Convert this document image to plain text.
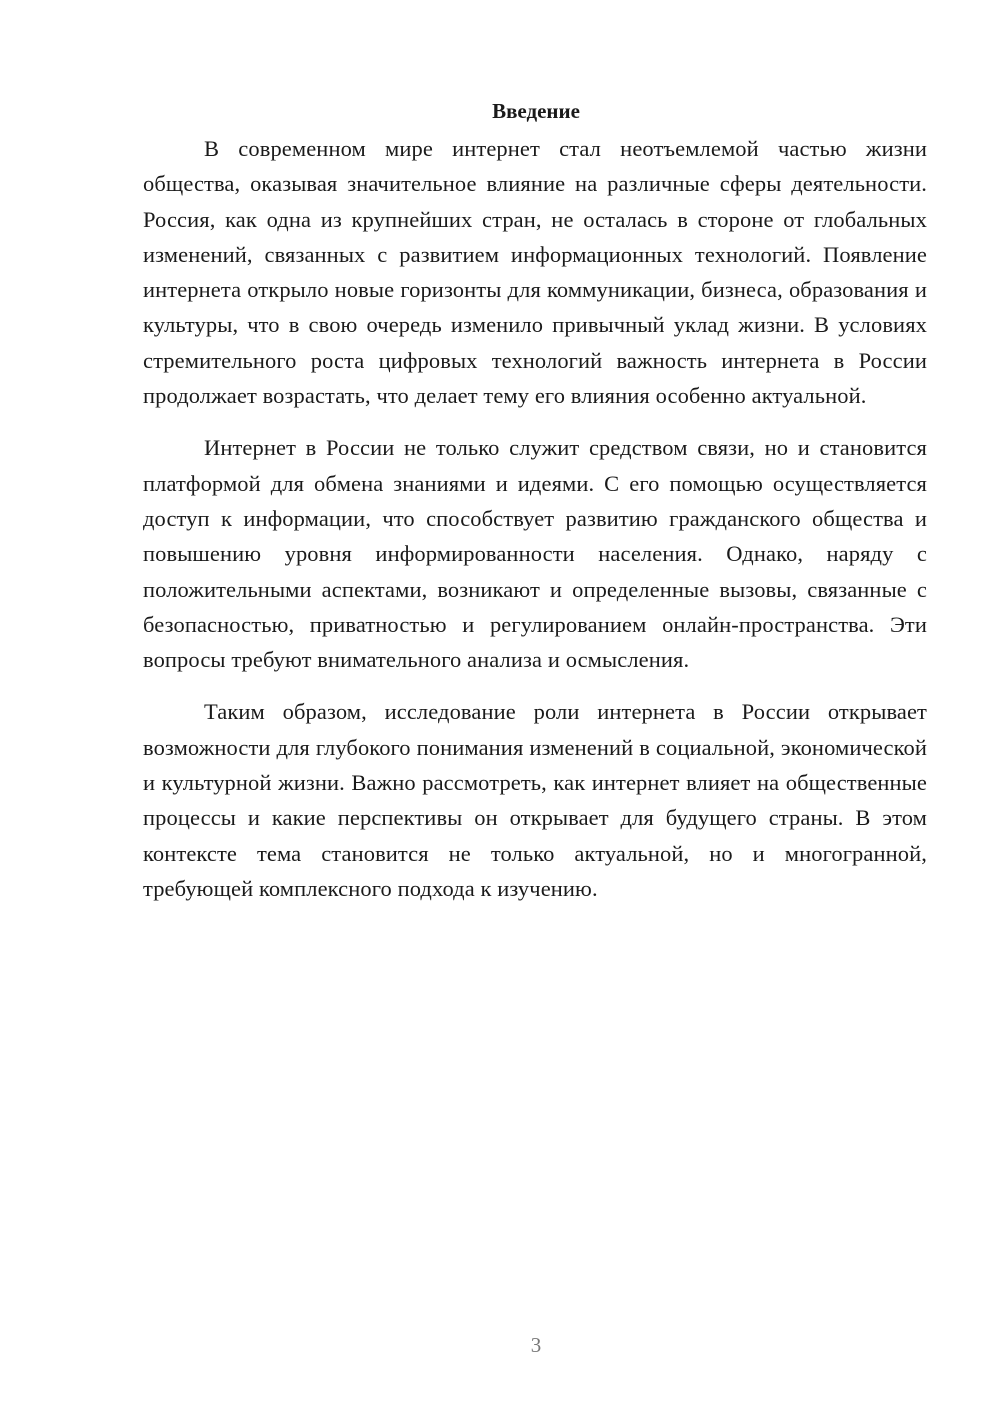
Введение

В современном мире интернет стал неотъемлемой частью жизни общества, оказывая значительное влияние на различные сферы деятельности. Россия, как одна из крупнейших стран, не осталась в стороне от глобальных изменений, связанных с развитием информационных технологий. Появление интернета открыло новые горизонты для коммуникации, бизнеса, образования и культуры, что в свою очередь изменило привычный уклад жизни. В условиях стремительного роста цифровых технологий важность интернета в России продолжает возрастать, что делает тему его влияния особенно актуальной.

Интернет в России не только служит средством связи, но и становится платформой для обмена знаниями и идеями. С его помощью осуществляется доступ к информации, что способствует развитию гражданского общества и повышению уровня информированности населения. Однако, наряду с положительными аспектами, возникают и определенные вызовы, связанные с безопасностью, приватностью и регулированием онлайн-пространства. Эти вопросы требуют внимательного анализа и осмысления.

Таким образом, исследование роли интернета в России открывает возможности для глубокого понимания изменений в социальной, экономической и культурной жизни. Важно рассмотреть, как интернет влияет на общественные процессы и какие перспективы он открывает для будущего страны. В этом контексте тема становится не только актуальной, но и многогранной, требующей комплексного подхода к изучению.

3
